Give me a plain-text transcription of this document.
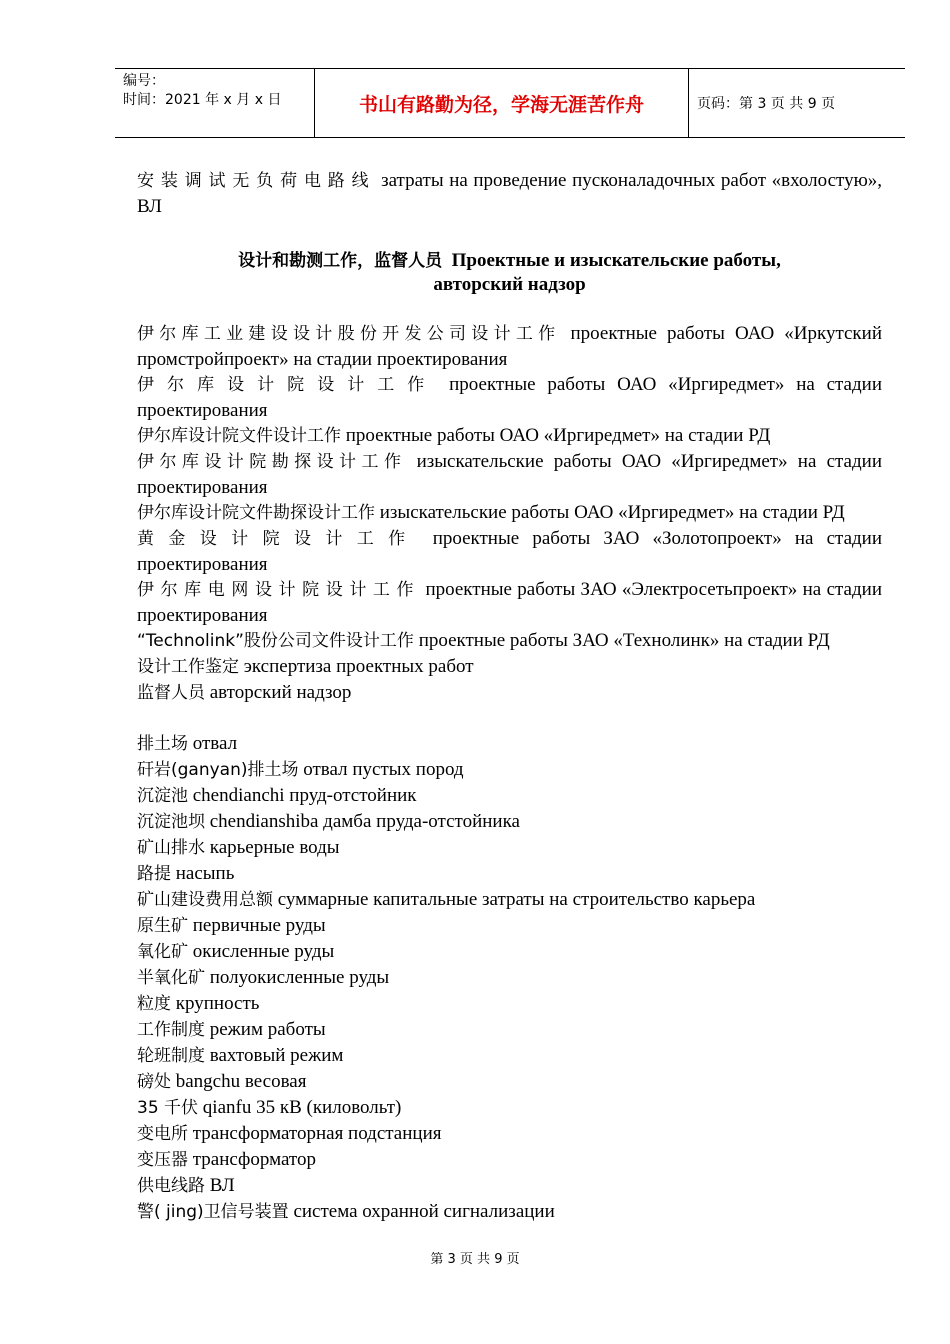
编号：
时间：2021 年 x 月 x 日	书山有路勤为径，学海无涯苦作舟	页码：第 3 页 共 9 页

安装调试无负荷电路线 затраты на проведение пусконаладочных работ «вхолостую», ВЛ

设计和勘测工作，监督人员 Проектные и изыскательские работы,
авторский надзор

伊尔库工业建设设计股份开发公司设计工作 проектные работы ОАО «Иркутский промстройпроект» на стадии проектирования

伊尔库设计院设计工作 проектные работы ОАО «Иргиредмет» на стадии проектирования

伊尔库设计院文件设计工作 проектные работы ОАО «Иргиредмет» на стадии РД

伊尔库设计院勘探设计工作 изыскательские работы ОАО «Иргиредмет» на стадии проектирования

伊尔库设计院文件勘探设计工作 изыскательские работы ОАО «Иргиредмет» на стадии РД

黄金设计院设计工作 проектные работы ЗАО «Золотопроект» на стадии проектирования

伊尔库电网设计院设计工作 проектные работы ЗАО «Электросетьпроект» на стадии проектирования

“Technolink”股份公司文件设计工作 проектные работы ЗАО «Технолинк» на стадии РД

设计工作鉴定 экспертиза проектных работ

监督人员 авторский надзор

排土场 отвал

矸岩(ganyan)排土场 отвал пустых пород

沉淀池 chendianchi пруд-отстойник

沉淀池坝 chendianshiba дамба пруда-отстойника

矿山排水 карьерные воды

路提 насыпь

矿山建设费用总额 суммарные капитальные затраты на строительство карьера

原生矿 первичные руды

氧化矿 окисленные руды

半氧化矿 полуокисленные руды

粒度 крупность

工作制度 режим работы

轮班制度 вахтовый режим

磅处 bangchu весовая

35 千伏 qianfu 35 кВ (киловольт)

变电所 трансформаторная подстанция

变压器 трансформатор

供电线路 ВЛ

警( jing)卫信号装置 система охранной сигнализации

第 3 页 共 9 页
